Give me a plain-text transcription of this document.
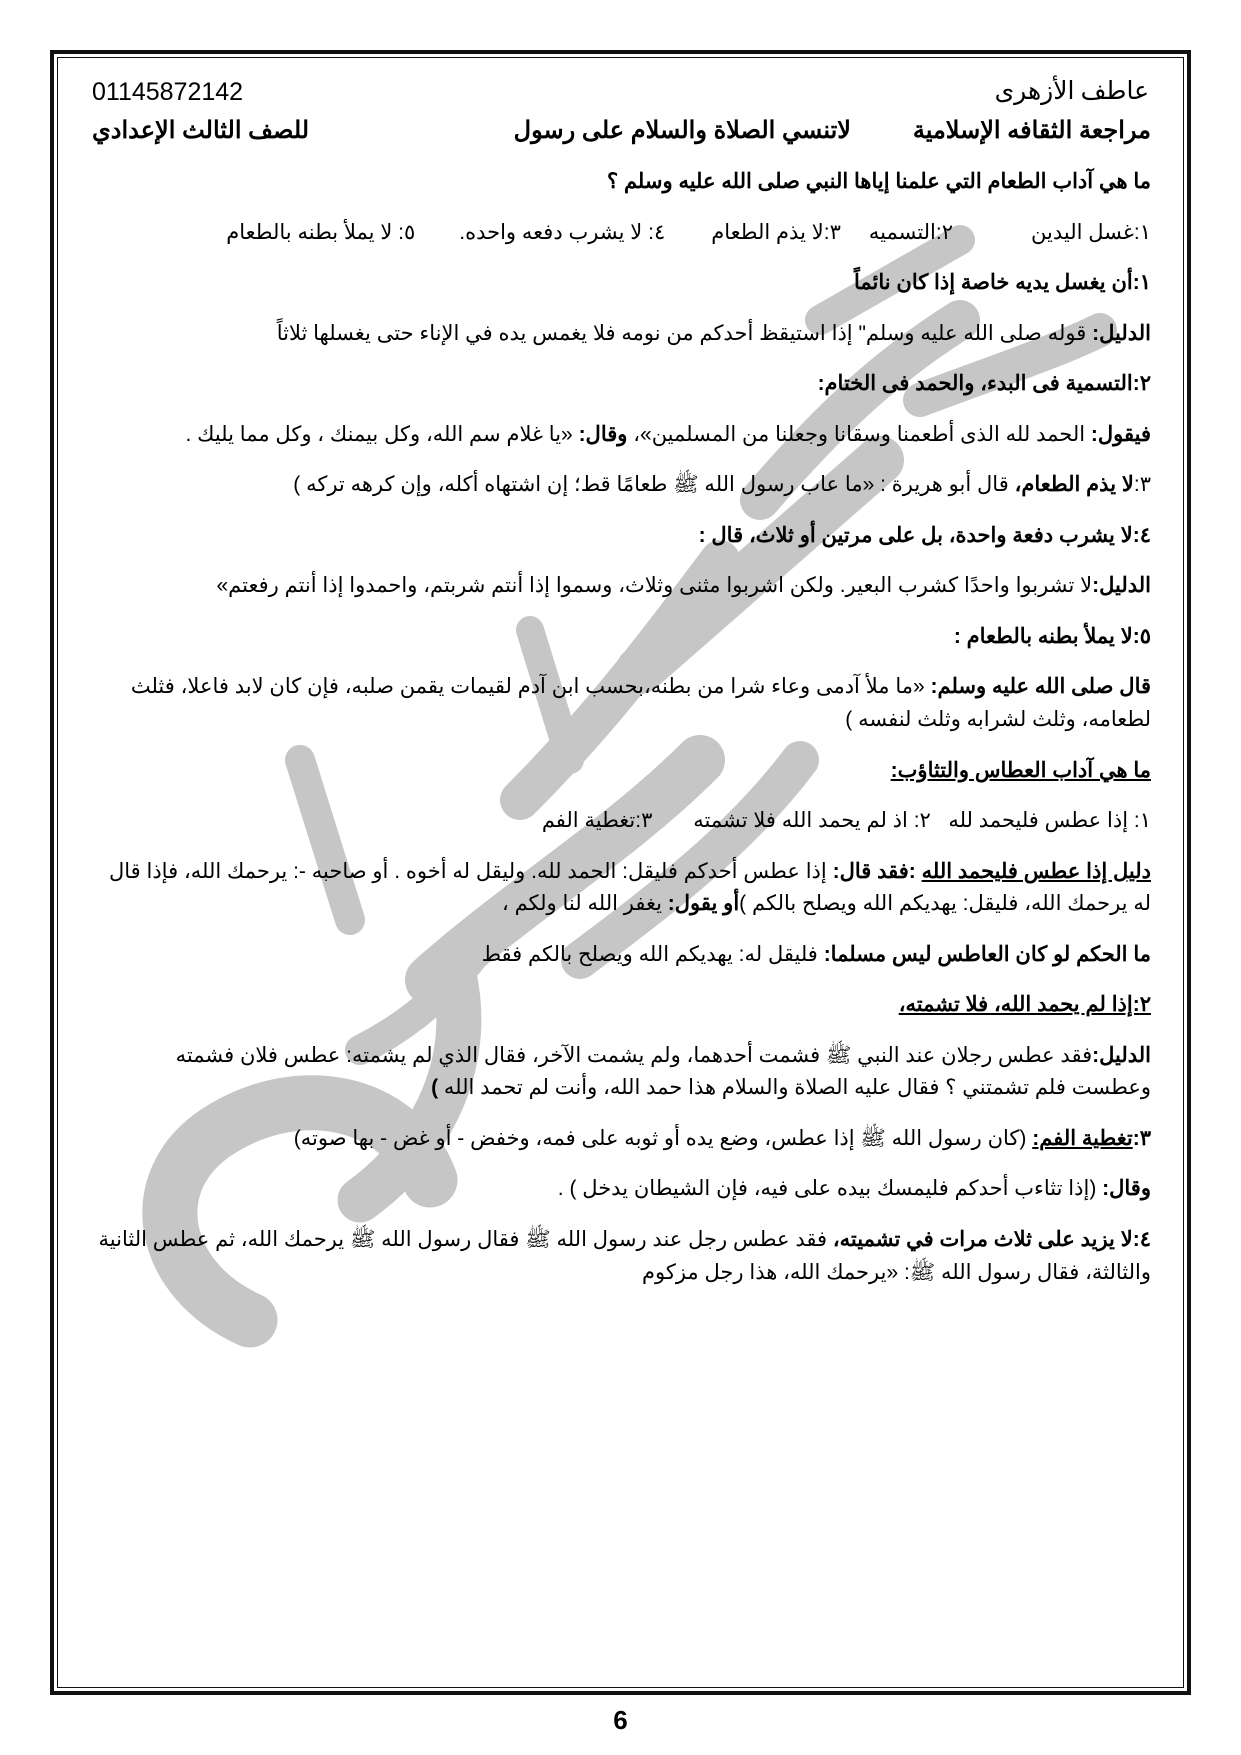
01145872142	عاطف الأزهرى
مراجعة الثقافه الإسلامية
لاتنسي الصلاة والسلام على رسول
للصف الثالث الإعدادي
ما هي آداب الطعام التي علمنا إياها النبي صلى الله عليه وسلم ؟
١:غسل اليدين
٢:التسميه
٣:لا يذم الطعام
٤: لا يشرب دفعه واحده.
٥: لا يملأ بطنه بالطعام
١:أن يغسل يديه خاصة إذا كان نائماً
الدليل: قوله صلى الله عليه وسلم" إذا استيقظ أحدكم من نومه فلا يغمس يده في الإناء حتى يغسلها ثلاثاً
٢:التسمية فى البدء، والحمد فى الختام:
فيقول: الحمد لله الذى أطعمنا وسقانا وجعلنا من المسلمين»، وقال: «يا غلام سم الله، وكل بيمنك ، وكل مما يليك .
٣:لا يذم الطعام، قال أبو هريرة : «ما عاب رسول الله ﷺ طعامًا قط؛ إن اشتهاه أكله، وإن كرهه تركه )
٤:لا يشرب دفعة واحدة، بل على مرتين أو ثلاث، قال :
الدليل:لا تشربوا واحدًا كشرب البعير. ولكن اشربوا مثنى وثلاث، وسموا إذا أنتم شربتم، واحمدوا إذا أنتم رفعتم»
٥:لا يملأ بطنه بالطعام :
قال صلى الله عليه وسلم: «ما ملأ آدمى وعاء شرا من بطنه،بحسب ابن آدم لقيمات يقمن صلبه، فإن كان لابد فاعلا، فثلث لطعامه، وثلث لشرابه وثلث لنفسه )
ما هي آداب العطاس والتثاؤب:
١: إذا عطس فليحمد لله   ٢: اذ لم يحمد الله فلا تشمته       ٣:تغطية الفم
دليل إذا عطس فليحمد الله :فقد قال: إذا عطس أحدكم فليقل: الحمد لله. وليقل له أخوه . أو صاحبه -: يرحمك الله، فإذا قال له يرحمك الله، فليقل: يهديكم الله ويصلح بالكم )أو يقول: يغفر الله لنا ولكم ،
ما الحكم لو كان العاطس ليس مسلما: فليقل له: يهديكم الله ويصلح بالكم فقط
٢:إذا لم يحمد الله، فلا تشمته،
الدليل:فقد عطس رجلان عند النبي ﷺ فشمت أحدهما، ولم يشمت الآخر، فقال الذي لم يشمته: عطس فلان فشمته وعطست فلم تشمتني ؟ فقال عليه الصلاة والسلام هذا حمد الله، وأنت لم تحمد الله )
٣:تغطية الفم: (كان رسول الله ﷺ إذا عطس، وضع يده أو ثوبه على فمه، وخفض - أو غض - بها صوته)
وقال: (إذا تثاءب أحدكم فليمسك بيده على فيه، فإن الشيطان يدخل ) .
٤:لا يزيد على ثلاث مرات في تشميته، فقد عطس رجل عند رسول الله ﷺ فقال رسول الله ﷺ يرحمك الله، ثم عطس الثانية والثالثة، فقال رسول الله ﷺ: «يرحمك الله، هذا رجل مزكوم
6
